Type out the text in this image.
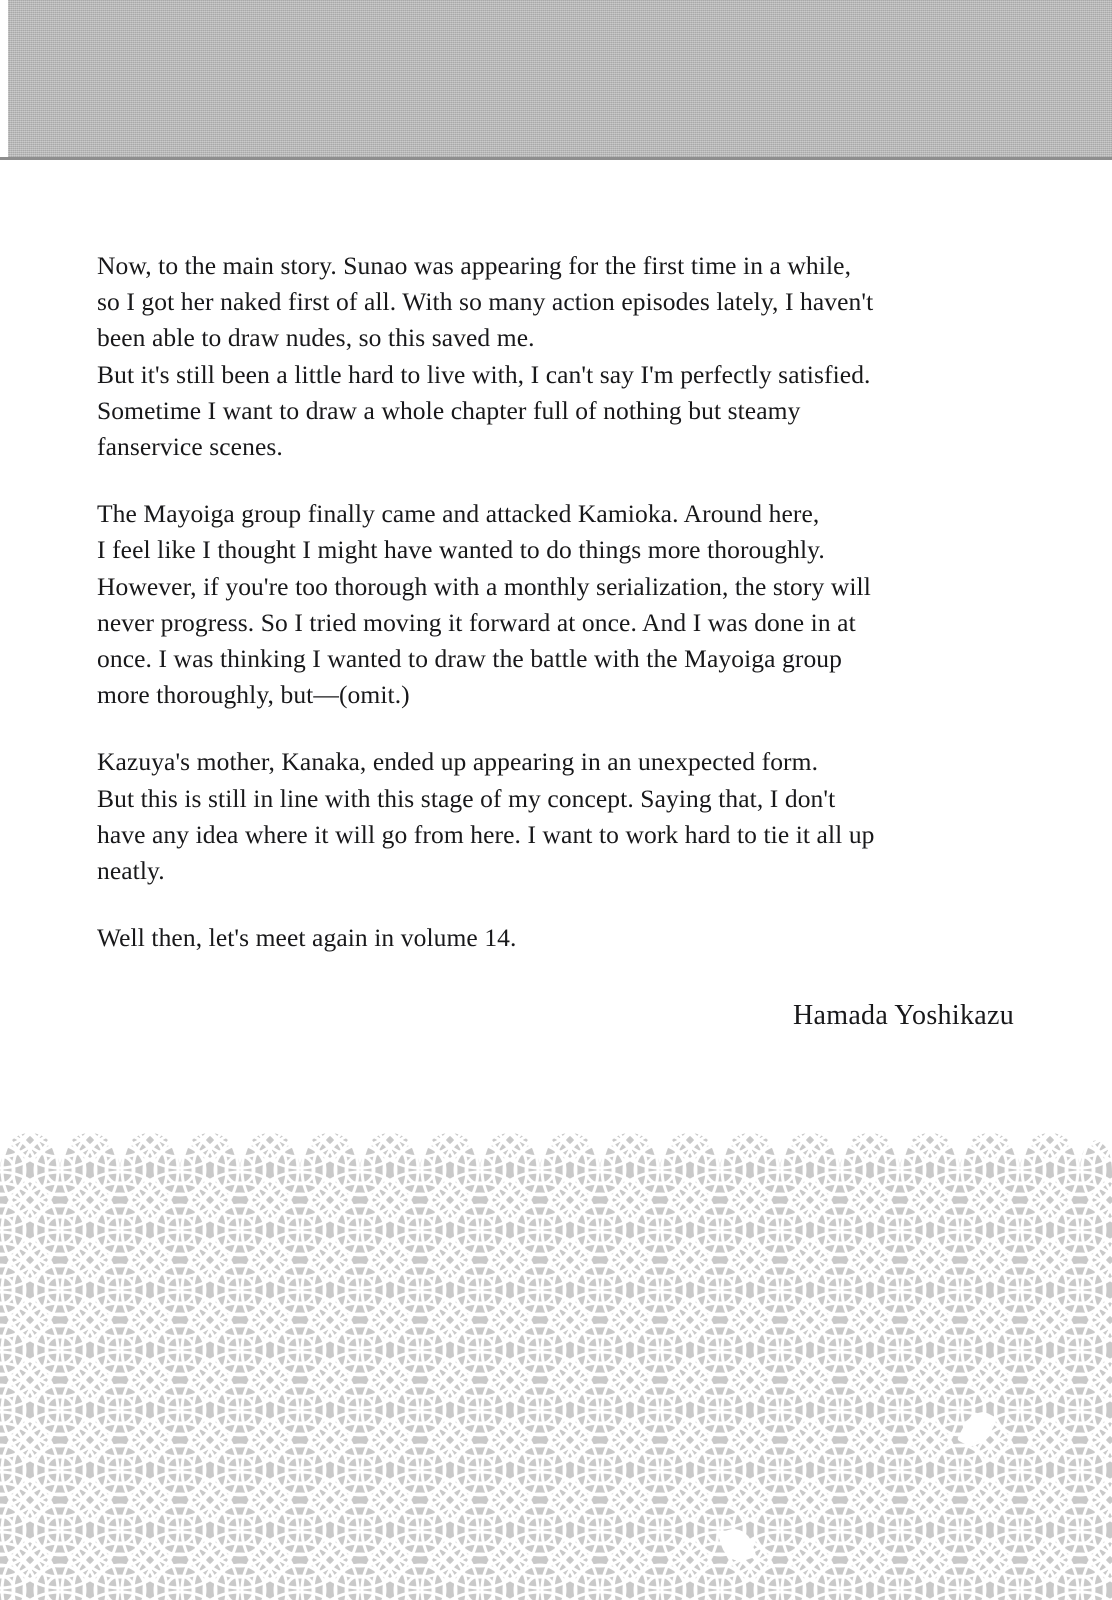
Now, to the main story. Sunao was appearing for the first time in a while,
so I got her naked first of all. With so many action episodes lately, I haven't
been able to draw nudes, so this saved me.
But it's still been a little hard to live with, I can't say I'm perfectly satisfied.
Sometime I want to draw a whole chapter full of nothing but steamy
fanservice scenes.

The Mayoiga group finally came and attacked Kamioka. Around here,
I feel like I thought I might have wanted to do things more thoroughly.
However, if you're too thorough with a monthly serialization, the story will
never progress. So I tried moving it forward at once. And I was done in at
once. I was thinking I wanted to draw the battle with the Mayoiga group
more thoroughly, but—(omit.)

Kazuya's mother, Kanaka, ended up appearing in an unexpected form.
But this is still in line with this stage of my concept. Saying that, I don't
have any idea where it will go from here. I want to work hard to tie it all up
neatly.

Well then, let's meet again in volume 14.

Hamada Yoshikazu
